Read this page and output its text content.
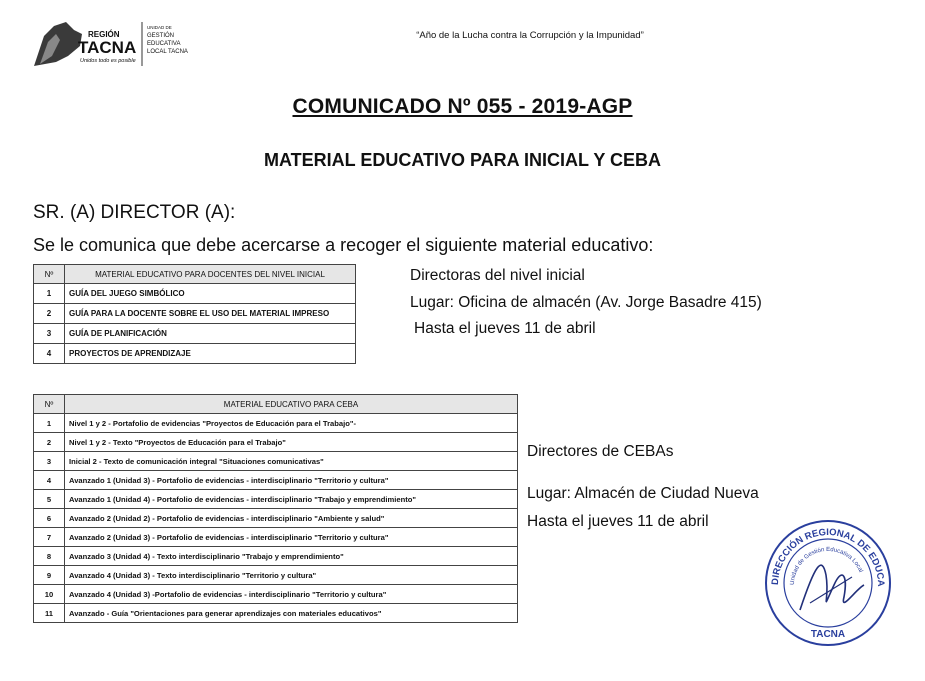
REGIÓN
TACNA
Unidos todo es posible
UNIDAD DE
GESTIÓN
EDUCATIVA
LOCAL TACNA
“Año de la Lucha contra la Corrupción y la Impunidad”
COMUNICADO Nº 055 - 2019-AGP
MATERIAL EDUCATIVO PARA INICIAL Y CEBA
SR. (A) DIRECTOR (A):
Se le comunica que debe acercarse a recoger el siguiente material educativo:
Nº	MATERIAL EDUCATIVO PARA DOCENTES DEL NIVEL INICIAL
1	GUÍA DEL JUEGO SIMBÓLICO
2	GUÍA PARA LA DOCENTE SOBRE EL USO DEL MATERIAL IMPRESO
3	GUÍA DE PLANIFICACIÓN
4	PROYECTOS DE APRENDIZAJE
Directoras del nivel inicial
Lugar: Oficina de almacén (Av. Jorge Basadre 415)
Hasta el jueves 11 de abril
Nº	MATERIAL EDUCATIVO PARA CEBA
1	Nivel 1 y 2 - Portafolio de evidencias "Proyectos de Educación para el Trabajo"-
2	Nivel 1 y 2 - Texto "Proyectos de Educación para el Trabajo"
3	Inicial 2 - Texto de comunicación integral "Situaciones comunicativas"
4	Avanzado 1 (Unidad 3) - Portafolio de evidencias - interdisciplinario "Territorio y cultura"
5	Avanzado 1 (Unidad 4) - Portafolio de evidencias - interdisciplinario "Trabajo y emprendimiento"
6	Avanzado 2 (Unidad 2) - Portafolio de evidencias - interdisciplinario "Ambiente y salud"
7	Avanzado 2 (Unidad 3) - Portafolio de evidencias - interdisciplinario "Territorio y cultura"
8	Avanzado 3 (Unidad 4) - Texto interdisciplinario "Trabajo y emprendimiento"
9	Avanzado 4 (Unidad 3) - Texto interdisciplinario "Territorio y cultura"
10	Avanzado 4 (Unidad 3) -Portafolio de evidencias - interdisciplinario "Territorio y cultura"
11	Avanzado - Guía "Orientaciones para generar aprendizajes con materiales educativos"
Directores de CEBAs
Lugar: Almacén de Ciudad Nueva
Hasta el jueves 11 de abril
DIRECCIÓN REGIONAL DE EDUCA
Unidad de Gestión Educativa Local
TACNA
